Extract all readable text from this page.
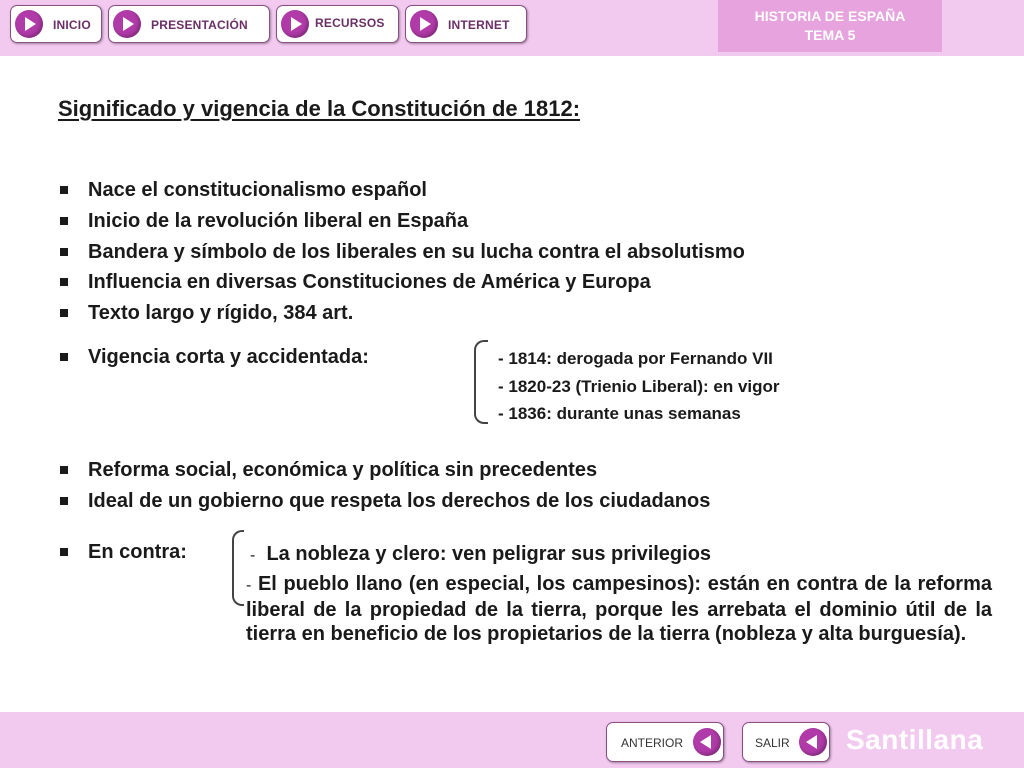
INICIO	PRESENTACIÓN	RECURSOS	INTERNET
HISTORIA DE ESPAÑA
TEMA 5
Significado y vigencia de la Constitución de 1812:
Nace el constitucionalismo español
Inicio de la revolución liberal en España
Bandera y símbolo de los liberales en su lucha contra el absolutismo
Influencia en diversas Constituciones de América y Europa
Texto largo y rígido, 384 art.
Vigencia corta y accidentada:	- 1814: derogada por Fernando VII
- 1820-23 (Trienio Liberal): en vigor
- 1836: durante unas semanas
Reforma social, económica y política sin precedentes
Ideal de un gobierno que respeta los derechos de los ciudadanos
En contra:	- La nobleza y clero: ven peligrar sus privilegios
- El pueblo llano (en especial, los campesinos): están en contra de la reforma liberal de la propiedad de la tierra, porque les arrebata el dominio útil de la tierra en beneficio de los propietarios de la tierra (nobleza y alta burguesía).
ANTERIOR	SALIR Santillana
